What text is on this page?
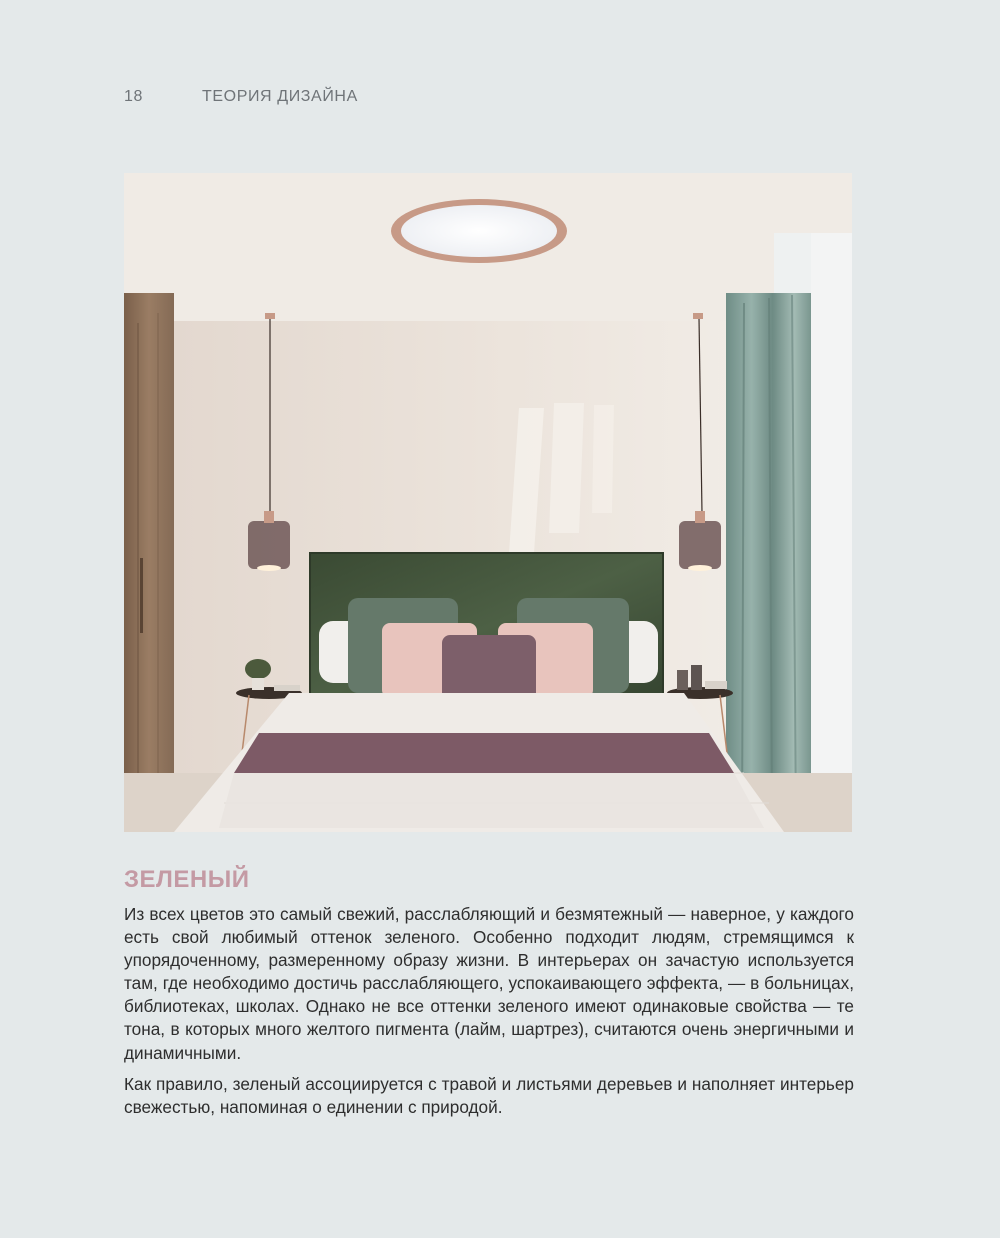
18	ТЕОРИЯ ДИЗАЙНА
ЗЕЛЕНЫЙ

Из всех цветов это самый свежий, расслабляющий и безмятежный — наверное, у каждого есть свой любимый оттенок зеленого. Особенно подходит людям, стремящимся к упорядоченному, размеренному образу жизни. В интерьерах он зачастую используется там, где необходимо достичь расслабляющего, успокаивающего эффекта, — в больницах, библиотеках, школах. Однако не все оттенки зеленого имеют одинаковые свойства — те тона, в которых много желтого пигмента (лайм, шартрез), считаются очень энергичными и динамичными.

Как правило, зеленый ассоциируется с травой и листьями деревьев и наполняет интерьер свежестью, напоминая о единении с природой.
